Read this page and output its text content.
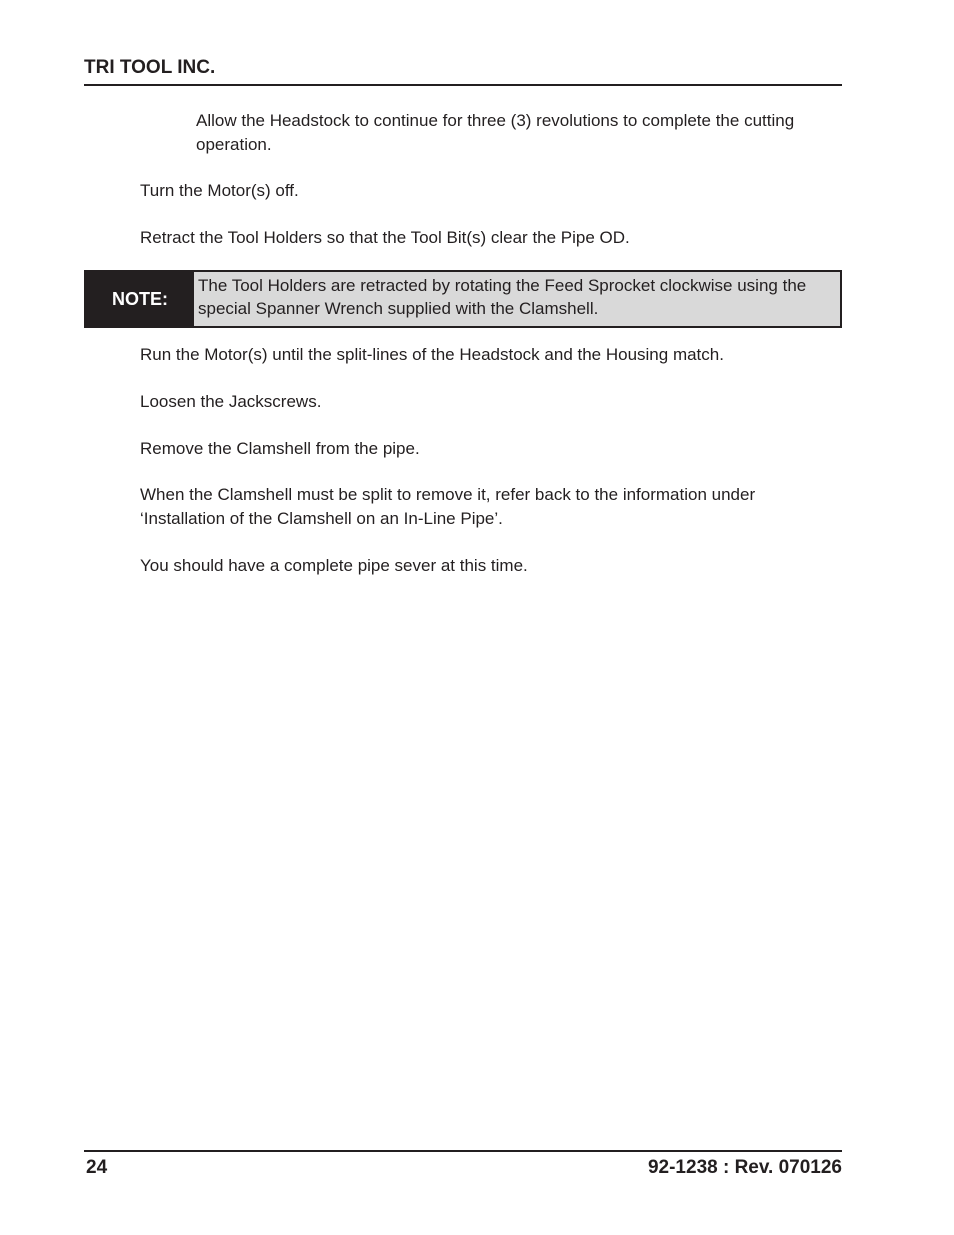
TRI TOOL INC.

Allow the Headstock to continue for three (3) revolutions to complete the cutting operation.

Turn the Motor(s) off.

Retract the Tool Holders so that the Tool Bit(s) clear the Pipe OD.

NOTE:
The Tool Holders are retracted by rotating the Feed Sprocket clockwise using the special Spanner Wrench supplied with the Clamshell.

Run the Motor(s) until the split-lines of the Headstock and the Housing match.

Loosen the Jackscrews.

Remove the Clamshell from the pipe.

When the Clamshell must be split to remove it, refer back to the information under ‘Installation of the Clamshell on an In-Line Pipe’.

You should have a complete pipe sever at this time.

24	92-1238 : Rev. 070126
